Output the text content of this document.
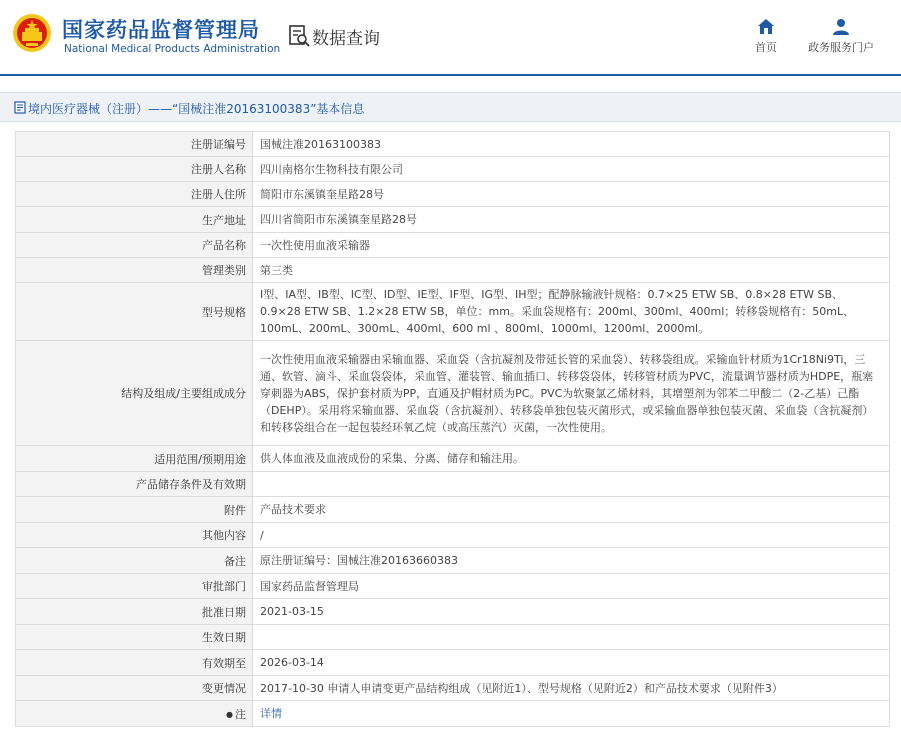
国家药品监督管理局
National Medical Products Administration 数据查询	首页	政务服务门户
境内医疗器械（注册）——“国械注准20163100383”基本信息
注册证编号	国械注准20163100383
注册人名称	四川南格尔生物科技有限公司
注册人住所	简阳市东溪镇奎星路28号
生产地址	四川省简阳市东溪镇奎星路28号
产品名称	一次性使用血液采输器
管理类别	第三类
型号规格	Ⅰ型、ⅠA型、ⅠB型、ⅠC型、ⅠD型、ⅠE型、ⅠF型、ⅠG型、ⅠH型；配静脉输液针规格：0.7×25 ETW SB、0.8×28 ETW SB、0.9×28 ETW SB、1.2×28 ETW SB，单位：mm。采血袋规格有：200ml、300ml、400ml；转移袋规格有：50mL、100mL、200mL、300mL、400ml、600 ml 、800ml、1000ml、1200ml、2000ml。
结构及组成/主要组成成分	一次性使用血液采输器由采输血器、采血袋（含抗凝剂及带延长管的采血袋）、转移袋组成。采输血针材质为1Cr18Ni9Ti，三通、软管、滴斗、采血袋袋体，采血管、灌装管、输血插口、转移袋袋体，转移管材质为PVC，流量调节器材质为HDPE，瓶塞穿刺器为ABS，保护套材质为PP，直通及护帽材质为PC。PVC为软聚氯乙烯材料，其增塑剂为邻苯二甲酸二（2-乙基）己酯（DEHP）。采用将采输血器、采血袋（含抗凝剂）、转移袋单独包装灭菌形式，或采输血器单独包装灭菌、采血袋（含抗凝剂）和转移袋组合在一起包装经环氧乙烷（或高压蒸汽）灭菌，一次性使用。
适用范围/预期用途	供人体血液及血液成份的采集、分离、储存和输注用。
产品储存条件及有效期	
附件	产品技术要求
其他内容	/
备注	原注册证编号：国械注准20163660383
审批部门	国家药品监督管理局
批准日期	2021-03-15
生效日期	
有效期至	2026-03-14
变更情况	2017-10-30 申请人申请变更产品结构组成（见附近1）、型号规格（见附近2）和产品技术要求（见附件3）
● 注	详情
